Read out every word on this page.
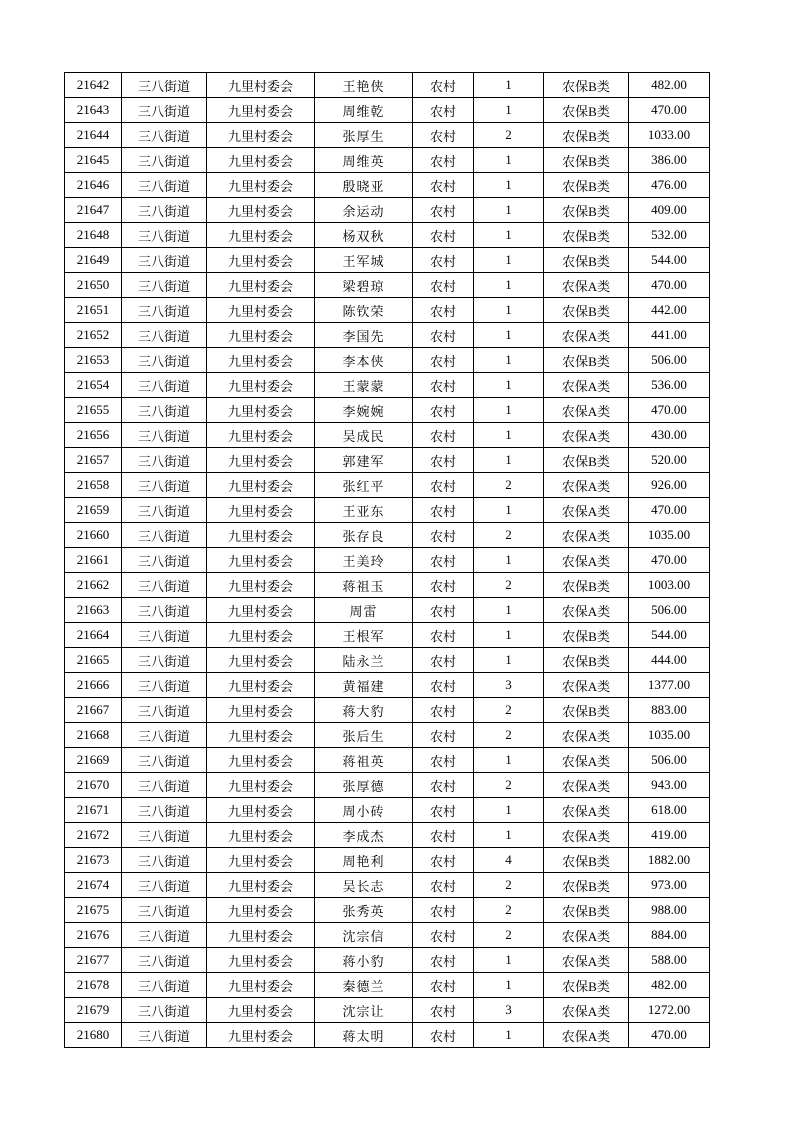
21642	三八街道	九里村委会	王艳侠	农村	1	农保B类	482.00
21643	三八街道	九里村委会	周维乾	农村	1	农保B类	470.00
21644	三八街道	九里村委会	张厚生	农村	2	农保B类	1033.00
21645	三八街道	九里村委会	周维英	农村	1	农保B类	386.00
21646	三八街道	九里村委会	殷晓亚	农村	1	农保B类	476.00
21647	三八街道	九里村委会	余运动	农村	1	农保B类	409.00
21648	三八街道	九里村委会	杨双秋	农村	1	农保B类	532.00
21649	三八街道	九里村委会	王军城	农村	1	农保B类	544.00
21650	三八街道	九里村委会	梁碧琼	农村	1	农保A类	470.00
21651	三八街道	九里村委会	陈钦荣	农村	1	农保B类	442.00
21652	三八街道	九里村委会	李国先	农村	1	农保A类	441.00
21653	三八街道	九里村委会	李本侠	农村	1	农保B类	506.00
21654	三八街道	九里村委会	王蒙蒙	农村	1	农保A类	536.00
21655	三八街道	九里村委会	李婉婉	农村	1	农保A类	470.00
21656	三八街道	九里村委会	吴成民	农村	1	农保A类	430.00
21657	三八街道	九里村委会	郭建军	农村	1	农保B类	520.00
21658	三八街道	九里村委会	张红平	农村	2	农保A类	926.00
21659	三八街道	九里村委会	王亚东	农村	1	农保A类	470.00
21660	三八街道	九里村委会	张存良	农村	2	农保A类	1035.00
21661	三八街道	九里村委会	王美玲	农村	1	农保A类	470.00
21662	三八街道	九里村委会	蒋祖玉	农村	2	农保B类	1003.00
21663	三八街道	九里村委会	周雷	农村	1	农保A类	506.00
21664	三八街道	九里村委会	王根军	农村	1	农保B类	544.00
21665	三八街道	九里村委会	陆永兰	农村	1	农保B类	444.00
21666	三八街道	九里村委会	黄福建	农村	3	农保A类	1377.00
21667	三八街道	九里村委会	蒋大豹	农村	2	农保B类	883.00
21668	三八街道	九里村委会	张后生	农村	2	农保A类	1035.00
21669	三八街道	九里村委会	蒋祖英	农村	1	农保A类	506.00
21670	三八街道	九里村委会	张厚德	农村	2	农保A类	943.00
21671	三八街道	九里村委会	周小砖	农村	1	农保A类	618.00
21672	三八街道	九里村委会	李成杰	农村	1	农保A类	419.00
21673	三八街道	九里村委会	周艳利	农村	4	农保B类	1882.00
21674	三八街道	九里村委会	吴长志	农村	2	农保B类	973.00
21675	三八街道	九里村委会	张秀英	农村	2	农保B类	988.00
21676	三八街道	九里村委会	沈宗信	农村	2	农保A类	884.00
21677	三八街道	九里村委会	蒋小豹	农村	1	农保A类	588.00
21678	三八街道	九里村委会	秦德兰	农村	1	农保B类	482.00
21679	三八街道	九里村委会	沈宗让	农村	3	农保A类	1272.00
21680	三八街道	九里村委会	蒋太明	农村	1	农保A类	470.00
